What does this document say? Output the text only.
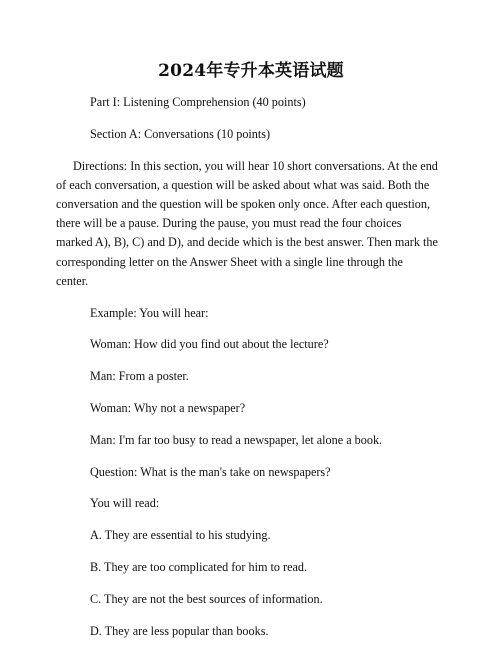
2024年专升本英语试题

Part I: Listening Comprehension (40 points)

Section A: Conversations (10 points)

Directions: In this section, you will hear 10 short conversations. At the end of each conversation, a question will be asked about what was said. Both the conversation and the question will be spoken only once. After each question, there will be a pause. During the pause, you must read the four choices marked A), B), C) and D), and decide which is the best answer. Then mark the corresponding letter on the Answer Sheet with a single line through the center.

Example: You will hear:

Woman: How did you find out about the lecture?

Man: From a poster.

Woman: Why not a newspaper?

Man: I'm far too busy to read a newspaper, let alone a book.

Question: What is the man's take on newspapers?

You will read:

A. They are essential to his studying.

B. They are too complicated for him to read.

C. They are not the best sources of information.

D. They are less popular than books.
